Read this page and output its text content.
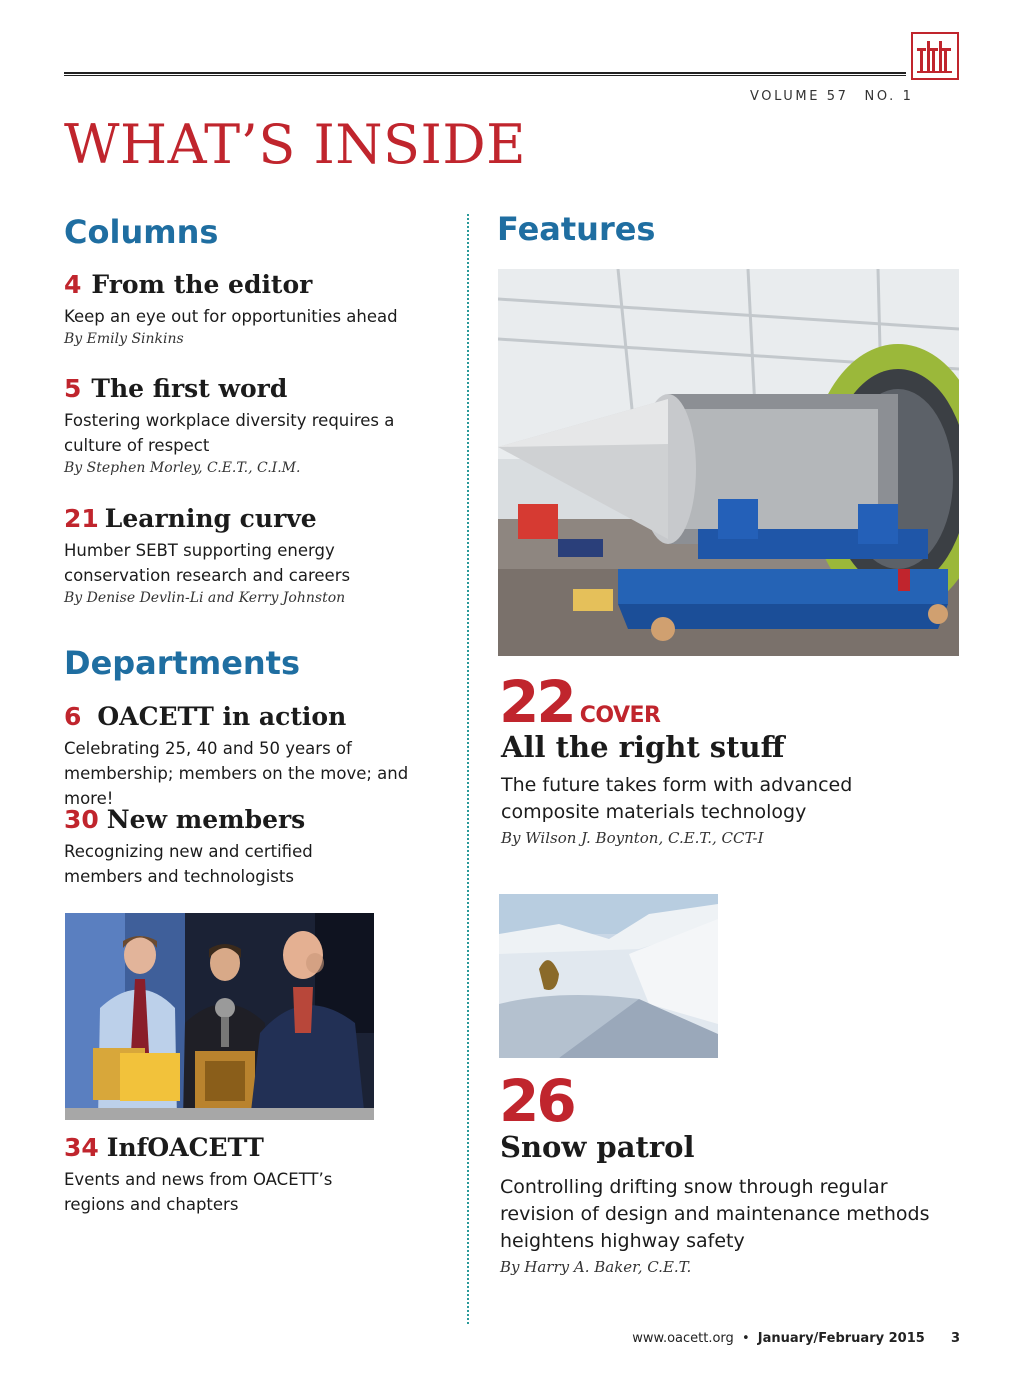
VOLUME 57 NO. 1
WHAT’S INSIDE
Columns
4 From the editor
Keep an eye out for opportunities ahead
By Emily Sinkins
5 The first word
Fostering workplace diversity requires a culture of respect
By Stephen Morley, C.E.T., C.I.M.
21 Learning curve
Humber SEBT supporting energy conservation research and careers
By Denise Devlin-Li and Kerry Johnston
Departments
6 OACETT in action
Celebrating 25, 40 and 50 years of membership; members on the move; and more!
30 New members
Recognizing new and certified members and technologists
34 InfOACETT
Events and news from OACETT’s regions and chapters
Features
22 COVER
All the right stuff
The future takes form with advanced composite materials technology
By Wilson J. Boynton, C.E.T., CCT-I
26
Snow patrol
Controlling drifting snow through regular revision of design and maintenance methods heightens highway safety
By Harry A. Baker, C.E.T.
www.oacett.org • January/February 2015 3
